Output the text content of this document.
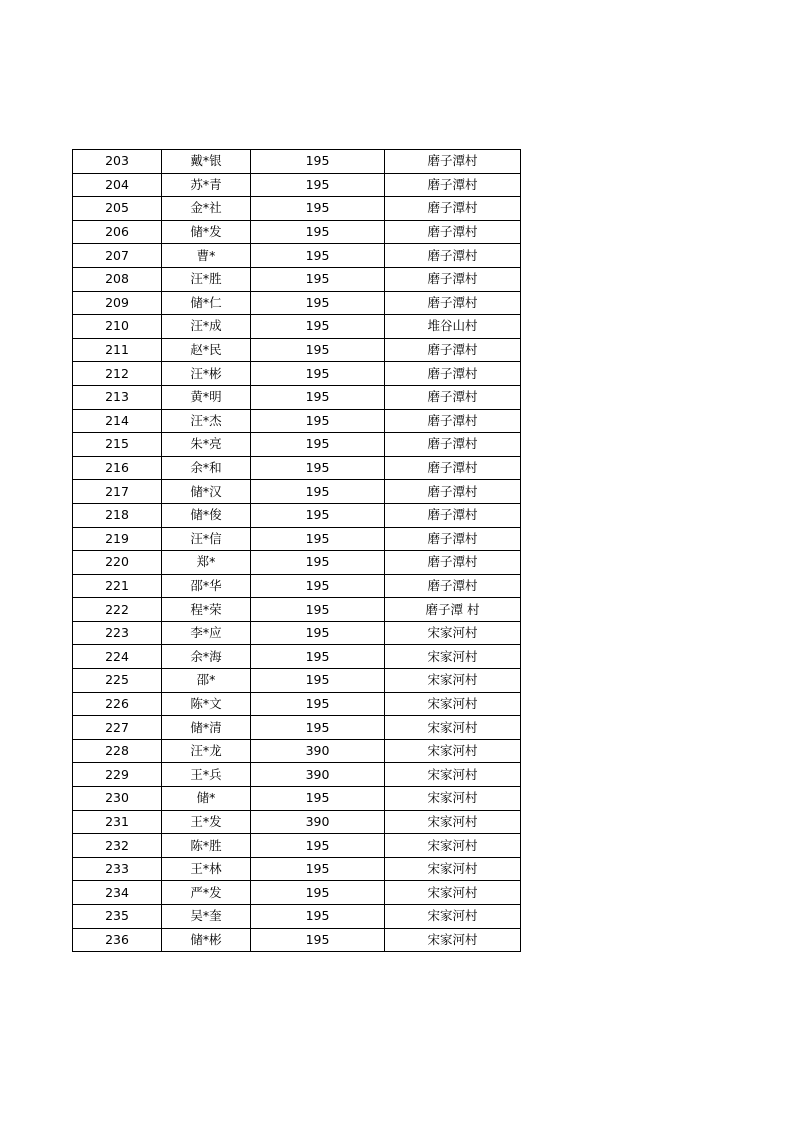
203	戴*银	195	磨子潭村
204	苏*青	195	磨子潭村
205	金*社	195	磨子潭村
206	储*发	195	磨子潭村
207	曹*	195	磨子潭村
208	汪*胜	195	磨子潭村
209	储*仁	195	磨子潭村
210	汪*成	195	堆谷山村
211	赵*民	195	磨子潭村
212	汪*彬	195	磨子潭村
213	黄*明	195	磨子潭村
214	汪*杰	195	磨子潭村
215	朱*亮	195	磨子潭村
216	余*和	195	磨子潭村
217	储*汉	195	磨子潭村
218	储*俊	195	磨子潭村
219	汪*信	195	磨子潭村
220	郑*	195	磨子潭村
221	邵*华	195	磨子潭村
222	程*荣	195	磨子潭 村
223	李*应	195	宋家河村
224	余*海	195	宋家河村
225	邵*	195	宋家河村
226	陈*文	195	宋家河村
227	储*清	195	宋家河村
228	汪*龙	390	宋家河村
229	王*兵	390	宋家河村
230	储*	195	宋家河村
231	王*发	390	宋家河村
232	陈*胜	195	宋家河村
233	王*林	195	宋家河村
234	严*发	195	宋家河村
235	吴*奎	195	宋家河村
236	储*彬	195	宋家河村
